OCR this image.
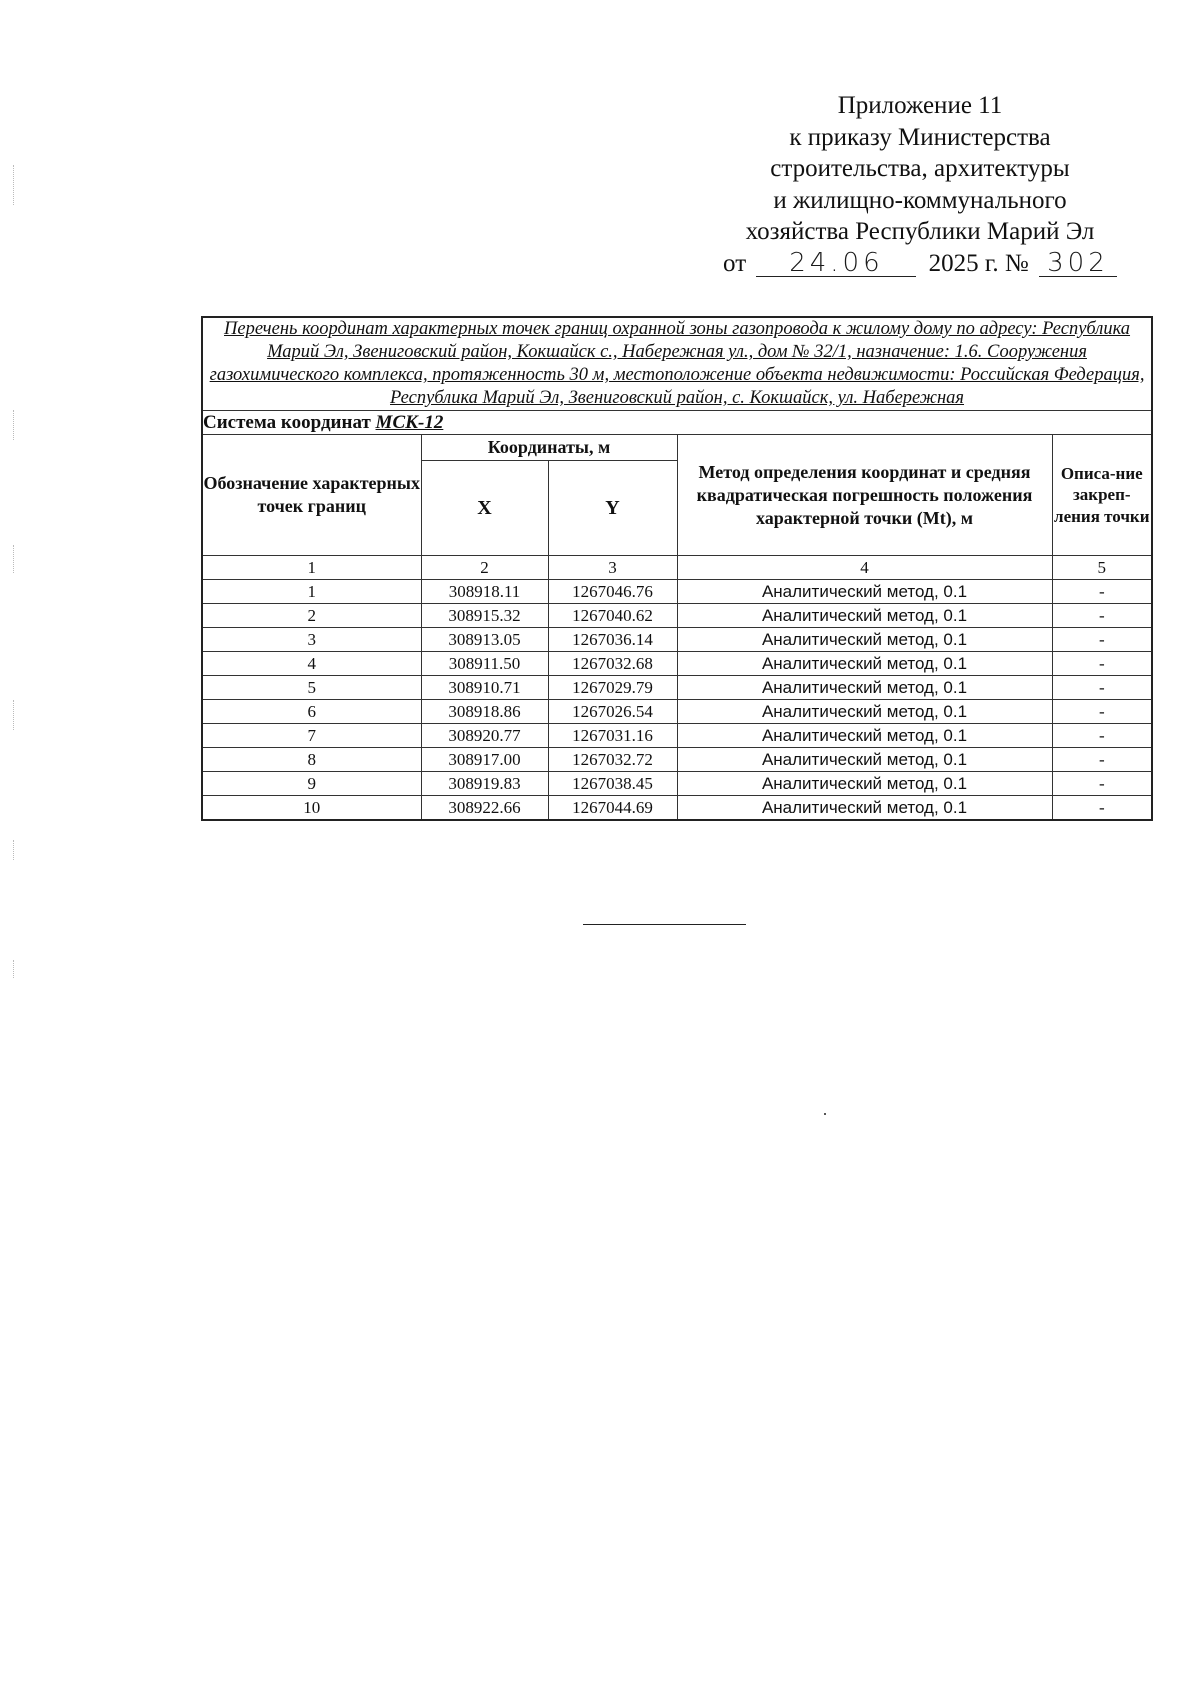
Приложение 11
к приказу Министерства
строительства, архитектуры
и жилищно-коммунального
хозяйства Республики Марий Эл
от 24.06 2025 г. № 302
Перечень координат характерных точек границ охранной зоны газопровода к жилому дому по адресу: Республика Марий Эл, Звениговский район, Кокшайск с., Набережная ул., дом № 32/1, назначение: 1.6. Сооружения газохимического комплекса, протяженность 30 м, местоположение объекта недвижимости: Российская Федерация, Республика Марий Эл, Звениговский район, с. Кокшайск, ул. Набережная				
Система координат МСК-12				
Обозначение характерных точек границ	Координаты, м		Метод определения координат и средняя квадратическая погрешность положения характерной точки (Mt), м	Описа-ние закреп-ления точки
	X	Y		
1	2	3	4	5
1	308918.11	1267046.76	Аналитический метод, 0.1	-
2	308915.32	1267040.62	Аналитический метод, 0.1	-
3	308913.05	1267036.14	Аналитический метод, 0.1	-
4	308911.50	1267032.68	Аналитический метод, 0.1	-
5	308910.71	1267029.79	Аналитический метод, 0.1	-
6	308918.86	1267026.54	Аналитический метод, 0.1	-
7	308920.77	1267031.16	Аналитический метод, 0.1	-
8	308917.00	1267032.72	Аналитический метод, 0.1	-
9	308919.83	1267038.45	Аналитический метод, 0.1	-
10	308922.66	1267044.69	Аналитический метод, 0.1	-
